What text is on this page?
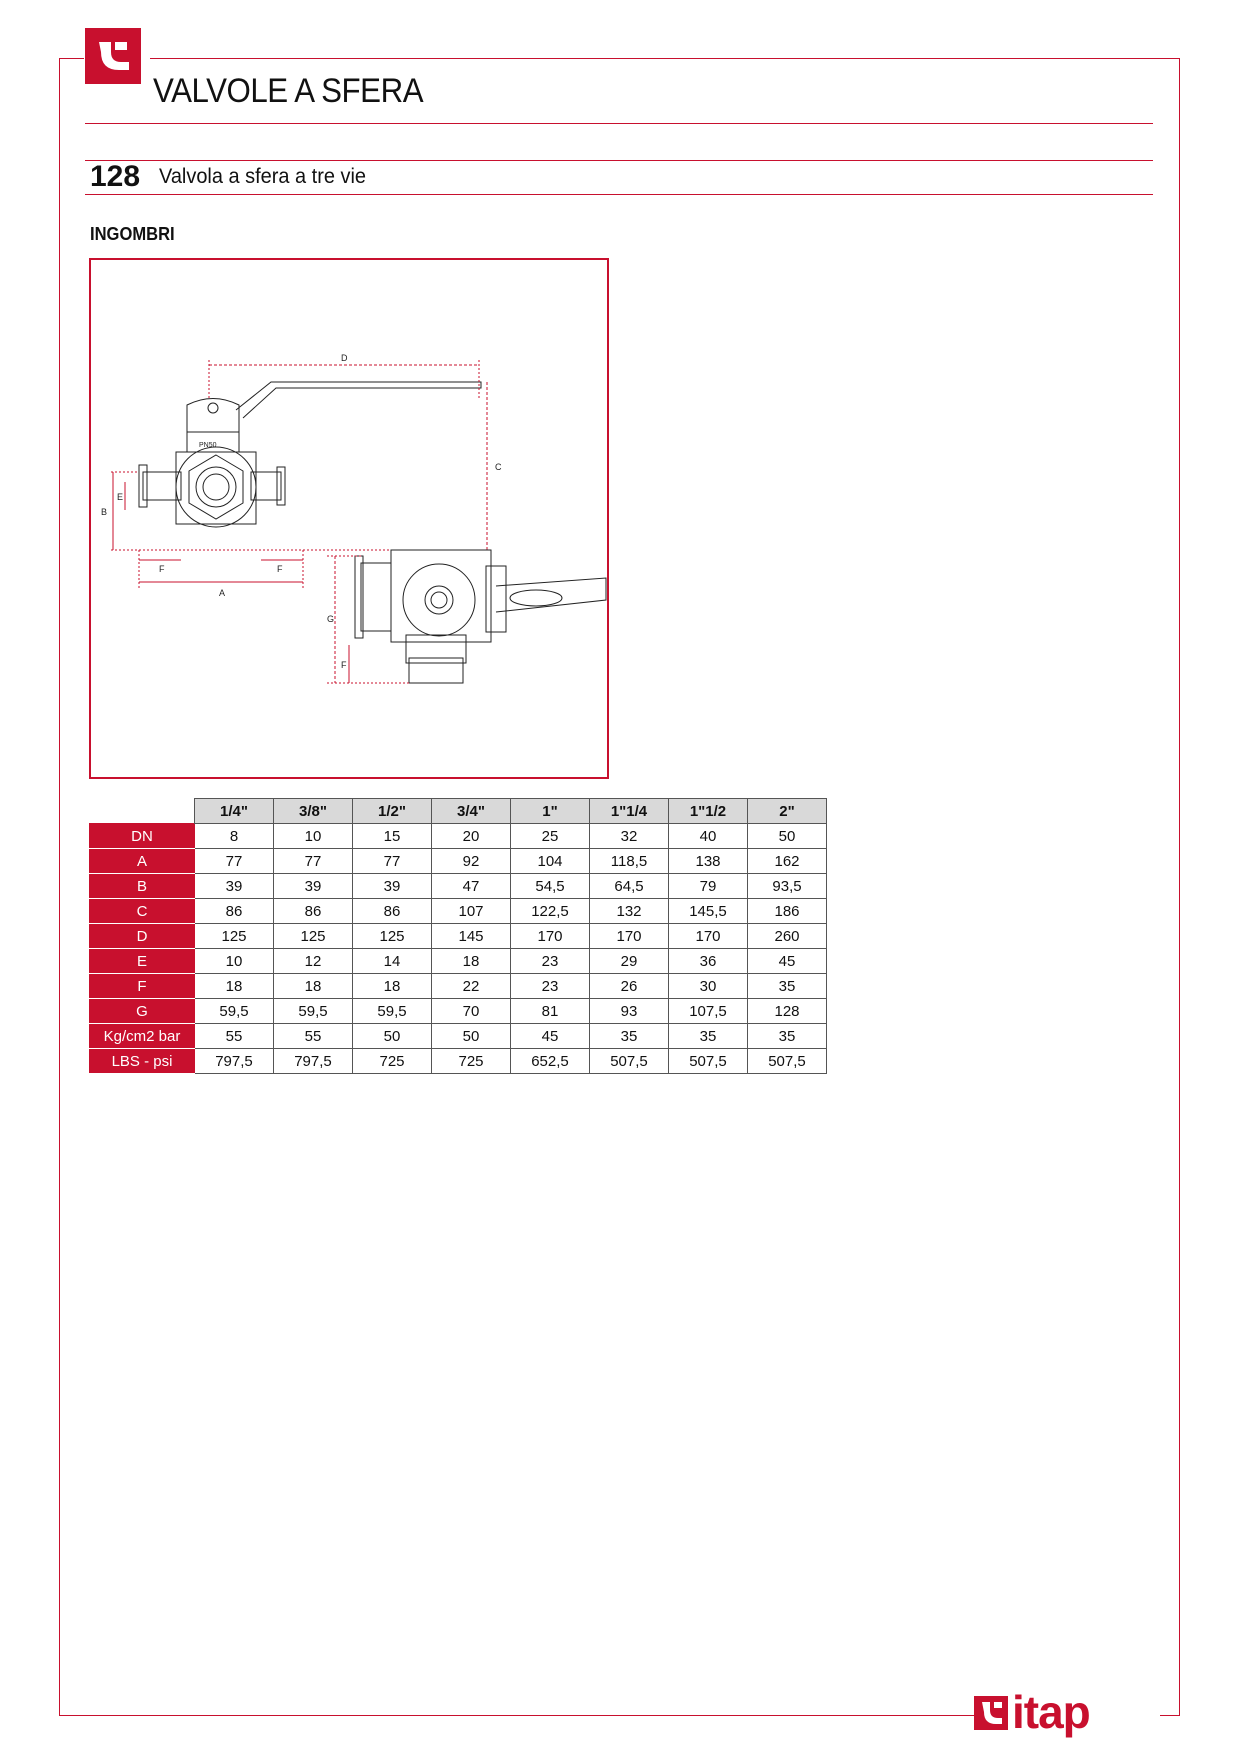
VALVOLE A SFERA
128 Valvola a sfera a tre vie
INGOMBRI
PN50
D
C
B
E
F	F
A
G
F
	1/4"	3/8"	1/2"	3/4"	1"	1"1/4	1"1/2	2"
DN	8	10	15	20	25	32	40	50
A	77	77	77	92	104	118,5	138	162
B	39	39	39	47	54,5	64,5	79	93,5
C	86	86	86	107	122,5	132	145,5	186
D	125	125	125	145	170	170	170	260
E	10	12	14	18	23	29	36	45
F	18	18	18	22	23	26	30	35
G	59,5	59,5	59,5	70	81	93	107,5	128
Kg/cm2 bar	55	55	50	50	45	35	35	35
LBS - psi	797,5	797,5	725	725	652,5	507,5	507,5	507,5
itap
